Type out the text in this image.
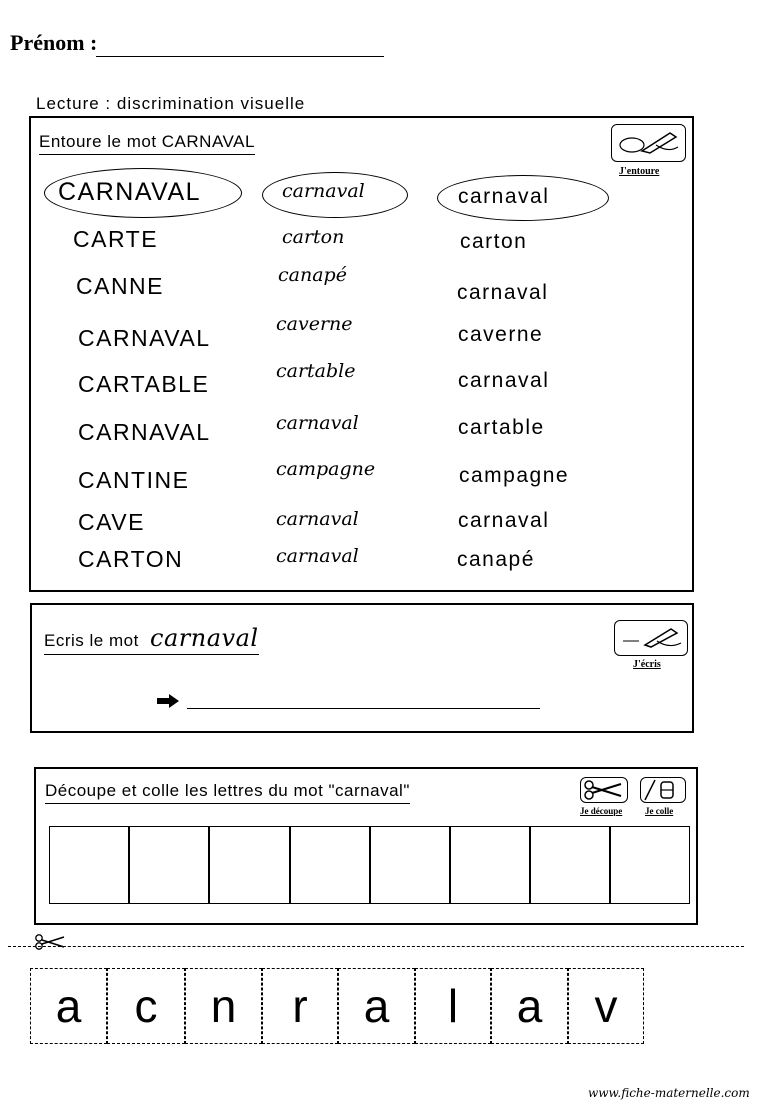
Prénom :
Lecture : discrimination visuelle
Entoure le mot CARNAVAL
J'entoure
CARNAVAL
CARTE
CANNE
CARNAVAL
CARTABLE
CARNAVAL
CANTINE
CAVE
CARTON
carnaval
carton
canapé
caverne
cartable
carnaval
campagne
carnaval
carnaval
carnaval
carton
carnaval
caverne
carnaval
cartable
campagne
carnaval
canapé
Ecris le mot carnaval
J'écris
Découpe et colle les lettres du mot "carnaval"
Je découpe	Je colle
a	c	n	r	a	l	a	v
www.fiche-maternelle.com
